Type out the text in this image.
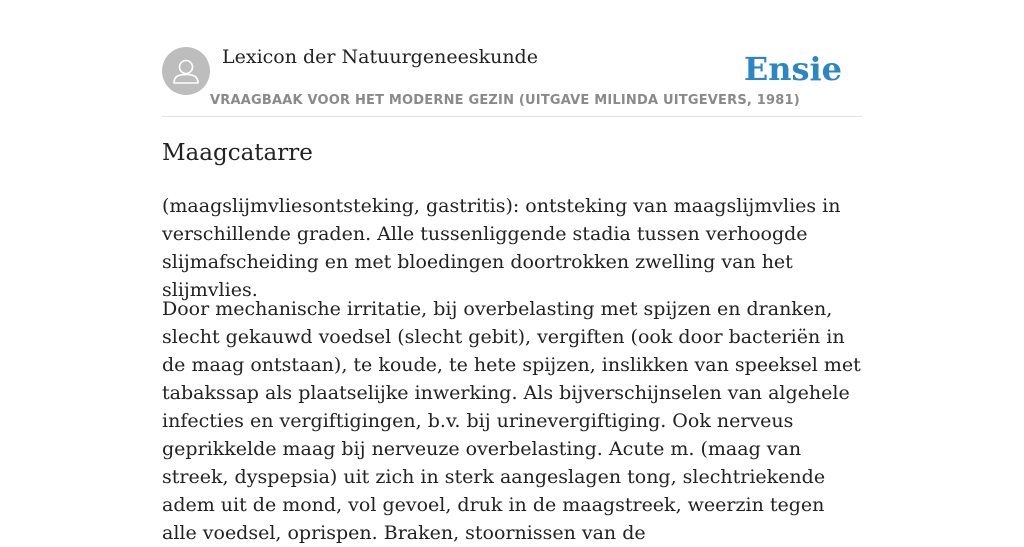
Lexicon der Natuurgeneeskunde
VRAAGBAAK VOOR HET MODERNE GEZIN (UITGAVE MILINDA UITGEVERS, 1981)
Ensie
Maagcatarre

(maagslijmvliesontsteking, gastritis): ontsteking van maagslijmvlies in verschillende graden. Alle tussenliggende stadia tussen verhoogde slijmafscheiding en met bloedingen doortrokken zwelling van het slijmvlies.

Door mechanische irritatie, bij overbelasting met spijzen en dranken, slecht gekauwd voedsel (slecht gebit), vergiften (ook door bacteriën in de maag ontstaan), te koude, te hete spijzen, inslikken van speeksel met tabakssap als plaatselijke inwerking. Als bijverschijnselen van algehele infecties en vergiftigingen, b.v. bij urinevergiftiging. Ook nerveus geprikkelde maag bij nerveuze overbelasting. Acute m. (maag van streek, dyspepsia) uit zich in sterk aangeslagen tong, slechtriekende adem uit de mond, vol gevoel, druk in de maagstreek, weerzin tegen alle voedsel, oprispen. Braken, stoornissen van de
